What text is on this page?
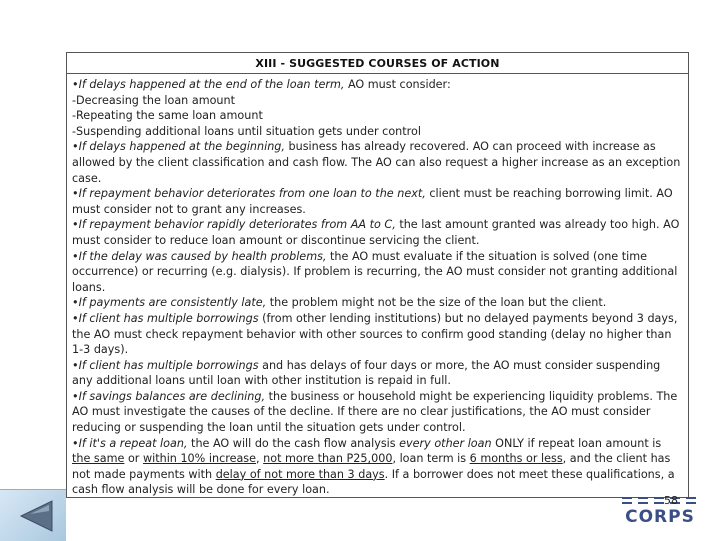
XIII - SUGGESTED COURSES OF ACTION
•If delays happened at the end of the loan term, AO must consider:
-Decreasing the loan amount
-Repeating the same loan amount
-Suspending additional loans until situation gets under control
•If delays happened at the beginning, business has already recovered. AO can proceed with increase as allowed by the client classification and cash flow. The AO can also request a higher increase as an exception case.
•If repayment behavior deteriorates from one loan to the next, client must be reaching borrowing limit. AO must consider not to grant any increases.
•If repayment behavior rapidly deteriorates from AA to C, the last amount granted was already too high. AO must consider to reduce loan amount or discontinue servicing the client.
•If the delay was caused by health problems, the AO must evaluate if the situation is solved (one time occurrence) or recurring (e.g. dialysis). If problem is recurring, the AO must consider not granting additional loans.
•If payments are consistently late, the problem might not be the size of the loan but the client.
•If client has multiple borrowings (from other lending institutions) but no delayed payments beyond 3 days, the AO must check repayment behavior with other sources to confirm good standing (delay no higher than 1-3 days).
•If client has multiple borrowings and has delays of four days or more, the AO must consider suspending any additional loans until loan with other institution is repaid in full.
•If savings balances are declining, the business or household might be experiencing liquidity problems. The AO must investigate the causes of the decline. If there are no clear justifications, the AO must consider reducing or suspending the loan until the situation gets under control.
•If it's a repeat loan, the AO will do the cash flow analysis every other loan ONLY if repeat loan amount is the same or within 10% increase, not more than P25,000, loan term is 6 months or less, and the client has not made payments with delay of not more than 3 days. If a borrower does not meet these qualifications, a cash flow analysis will be done for every loan.
CORPS
58
